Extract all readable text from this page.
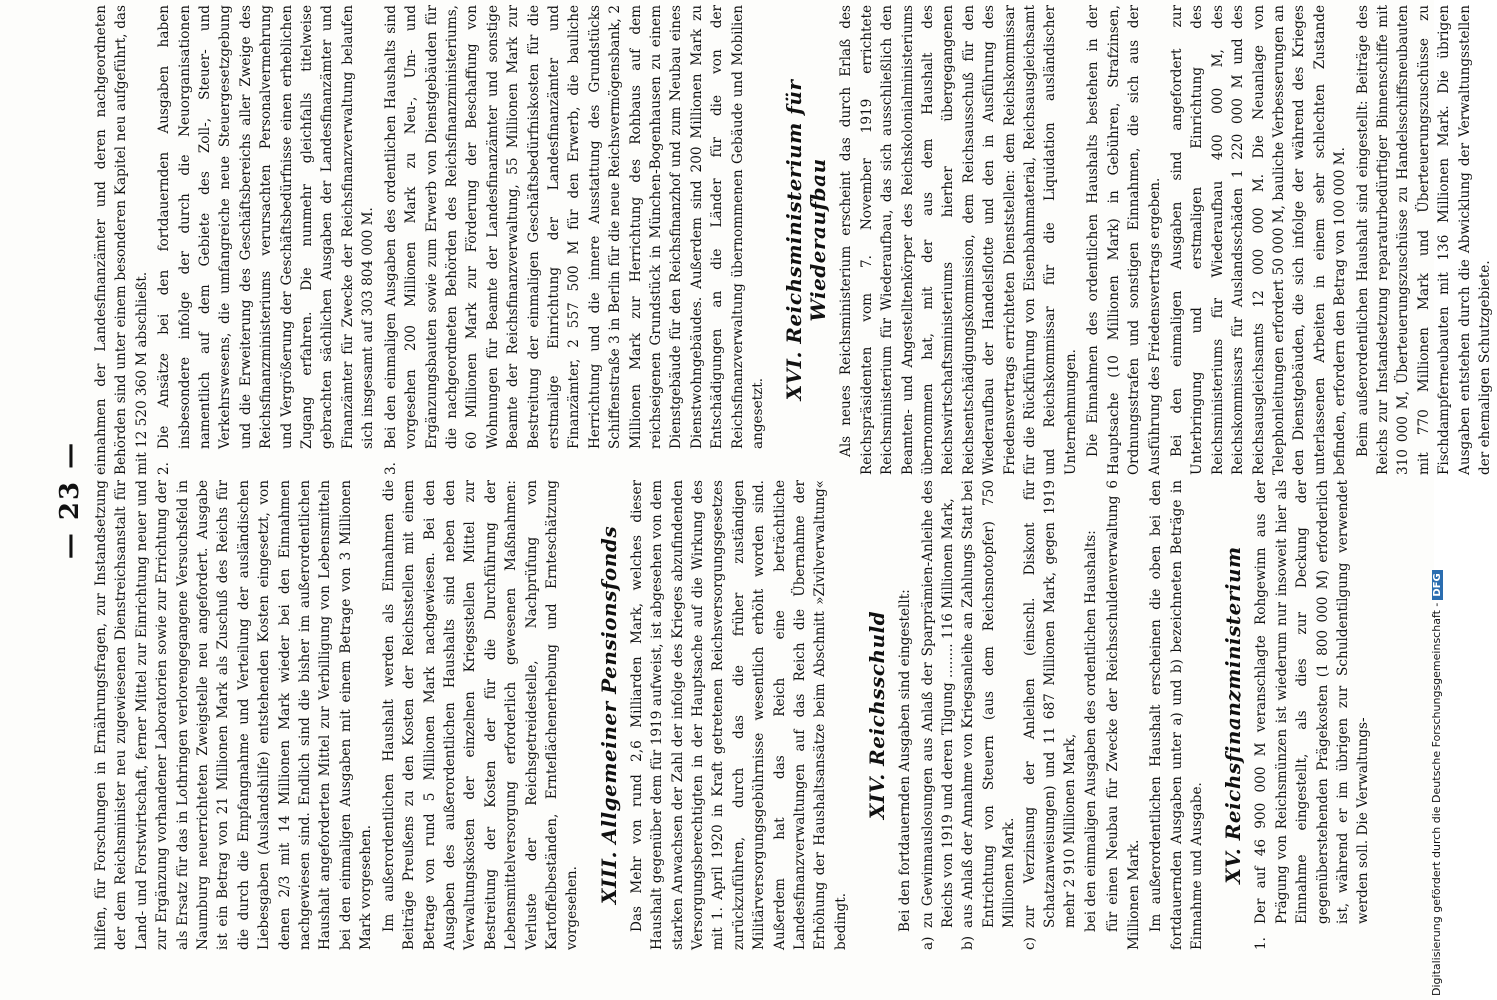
— 23 — hilfen, für Forschungen in Ernährungsfragen, zur Instandsetzung der dem Reichsminister neu zugewiesenen Dienstreichsanstalt für Land- und Forstwirtschaft, ferner Mittel zur Einrichtung neuer und zur Ergänzung vorhandener Laboratorien sowie zur Errichtung der als Ersatz für das in Lothringen verlorengegangene Versuchsfeld in Naumburg neuerrichteten Zweigstelle neu angefordert. Ausgabe ist ein Betrag von 21 Millionen Mark als Zuschuß des Reichs für die durch die Empfangnahme und Verteilung der ausländischen Liebesgaben (Auslandshilfe) entstehenden Kosten eingesetzt, von denen 2/3 mit 14 Millionen Mark wieder bei den Einnahmen nachgewiesen sind. Endlich sind die bisher im außerordentlichen Haushalt angeforderten Mittel zur Verbilligung von Lebensmitteln bei den einmaligen Ausgaben mit einem Betrage von 3 Millionen Mark vorgesehen. Im außerordentlichen Haushalt werden als Einnahmen die Beiträge Preußens zu den Kosten der Reichsstellen mit einem Betrage von rund 5 Millionen Mark nachgewiesen. Bei den Ausgaben des außerordentlichen Haushalts sind neben den Verwaltungskosten der einzelnen Kriegsstellen Mittel zur Bestreitung der Kosten der für die Durchführung der Lebensmittelversorgung erforderlich gewesenen Maßnahmen: Verluste der Reichsgetreidestelle, Nachprüfung von Kartoffelbeständen, Ernteflächenerhebung und Ernteschätzung vorgesehen.

XIII. Allgemeiner Pensionsfonds Das Mehr von rund 2,6 Milliarden Mark, welches dieser Haushalt gegenüber dem für 1919 aufweist, ist abgesehen von dem starken Anwachsen der Zahl der infolge des Krieges abzufindenden Versorgungsberechtigten in der Hauptsache auf die Wirkung des mit 1. April 1920 in Kraft getretenen Reichsversorgungsgesetzes zurückzuführen, durch das die früher zuständigen Militärversorgungsgebührnisse wesentlich erhöht worden sind. Außerdem hat das Reich eine beträchtliche Landesfinanzverwaltungen auf das Reich die Übernahme der Erhöhung der Haushaltsansätze beim Abschnitt »Zivilverwaltung« bedingt.

XIV. Reichsschuld Bei den fortdauernden Ausgaben sind eingestellt:

a)
zu Gewinnauslosungen aus Anlaß der Sparprämien-Anleihe des Reichs von 1919 und deren Tilgung ........ 116 Millionen Mark,
b)
aus Anlaß der Annahme von Kriegsanleihe an Zahlungs Statt bei Entrichtung von Steuern (aus dem Reichsnotopfer) 750 Millionen Mark.
c)
zur Verzinsung der Anleihen (einschl. Diskont für Schatzanweisungen) und 11 687 Millionen Mark, gegen 1919 mehr 2 910 Millionen Mark, bei den einmaligen Ausgaben des ordentlichen Haushalts: für einen Neubau für Zwecke der Reichsschuldenverwaltung 6 Millionen Mark. Im außerordentlichen Haushalt erscheinen die oben bei den fortdauernden Ausgaben unter a) und b) bezeichneten Beträge in Einnahme und Ausgabe. XV. Reichsfinanzministerium
1.
Der auf 46 900 000 M veranschlagte Rohgewinn aus der Prägung von Reichsmünzen ist wiederum nur insoweit hier als Einnahme eingestellt, als dies zur Deckung der gegenüberstehenden Prägekosten (1 800 000 M) erforderlich ist, während er im übrigen zur Schuldentilgung verwendet werden soll. Die Verwaltungs-

einnahmen der Landesfinanzämter und deren nachgeordneten Behörden sind unter einem besonderen Kapitel neu aufgeführt, das mit 12 520 360 M abschließt. 2.
Die Ansätze bei den fortdauernden Ausgaben haben insbesondere infolge der durch die Neuorganisationen namentlich auf dem Gebiete des Zoll-, Steuer- und Verkehrswesens, die umfangreiche neue Steuergesetzgebung und die Erweiterung des Geschäftsbereichs aller Zweige des Reichsfinanzministeriums verursachten Personalvermehrung und Vergrößerung der Geschäftsbedürfnisse einen erheblichen Zugang erfahren. Die nunmehr gleichfalls titelweise gebrachten sächlichen Ausgaben der Landesfinanzämter und Finanzämter für Zwecke der Reichsfinanzverwaltung belaufen sich insgesamt auf 303 804 000 M.
3.
Bei den einmaligen Ausgaben des ordentlichen Haushalts sind vorgesehen 200 Millionen Mark zu Neu-, Um- und Ergänzungsbauten sowie zum Erwerb von Dienstgebäuden für die nachgeordneten Behörden des Reichsfinanzministeriums, 60 Millionen Mark zur Förderung der Beschaffung von Wohnungen für Beamte der Landesfinanzämter und sonstige Beamte der Reichsfinanzverwaltung, 55 Millionen Mark zur Bestreitung der einmaligen Geschäftsbedürfniskosten für die erstmalige Einrichtung der Landesfinanzämter und Finanzämter, 2 557 500 M für den Erwerb, die bauliche Herrichtung und die innere Ausstattung des Grundstücks Schiffenstraße 3 in Berlin für die neue Reichsvermögensbank, 2 Millionen Mark zur Herrichtung des Rohbaus auf dem reichseigenen Grundstück in München-Bogenhausen zu einem Dienstgebäude für den Reichsfinanzhof und zum Neubau eines Dienstwohngebäudes. Außerdem sind 200 Millionen Mark zu Entschädigungen an die Länder für die von der Reichsfinanzverwaltung übernommenen Gebäude und Mobilien angesetzt.
XVI. Reichsministerium für Wiederaufbau Als neues Reichsministerium erscheint das durch Erlaß des Reichspräsidenten vom 7. November 1919 errichtete Reichsministerium für Wiederaufbau, das sich ausschließlich den Beamten- und Angestelltenkörper des Reichskolonialministeriums übernommen hat, mit der aus dem Haushalt des Reichswirtschaftsministeriums hierher übergegangenen Reichsentschädigungskommission, dem Reichsausschuß für den Wiederaufbau der Handelsflotte und den in Ausführung des Friedensvertrags errichteten Dienststellen: dem Reichskommissar für die Rückführung von Eisenbahnmaterial, Reichsausgleichsamt und Reichskommissar für die Liquidation ausländischer Unternehmungen. Die Einnahmen des ordentlichen Haushalts bestehen in der Hauptsache (10 Millionen Mark) in Gebühren, Strafzinsen, Ordnungsstrafen und sonstigen Einnahmen, die sich aus der Ausführung des Friedensvertrags ergeben. Bei den einmaligen Ausgaben sind angefordert zur Unterbringung und erstmaligen Einrichtung des Reichsministeriums für Wiederaufbau 400 000 M, des Reichskommissars für Auslandsschäden 1 220 000 M und des Reichsausgleichsamts 12 000 000 M. Die Neuanlage von Telephonleitungen erfordert 50 000 M, bauliche Verbesserungen an den Dienstgebäuden, die sich infolge der während des Krieges unterlassenen Arbeiten in einem sehr schlechten Zustande befinden, erfordern den Betrag von 100 000 M. Beim außerordentlichen Haushalt sind eingestellt: Beiträge des Reichs zur Instandsetzung reparaturbedürftiger Binnenschiffe mit 310 000 M, Überteuerungszuschüsse zu Handelsschiffsneubauten mit 770 Millionen Mark und Überteuerungszuschüsse zu Fischdampferneubauten mit 136 Millionen Mark. Die übrigen Ausgaben entstehen durch die Abwicklung der Verwaltungsstellen der ehemaligen Schutzgebiete.

Digitalisierung gefördert durch die Deutsche Forschungsgemeinschaft -DFG
